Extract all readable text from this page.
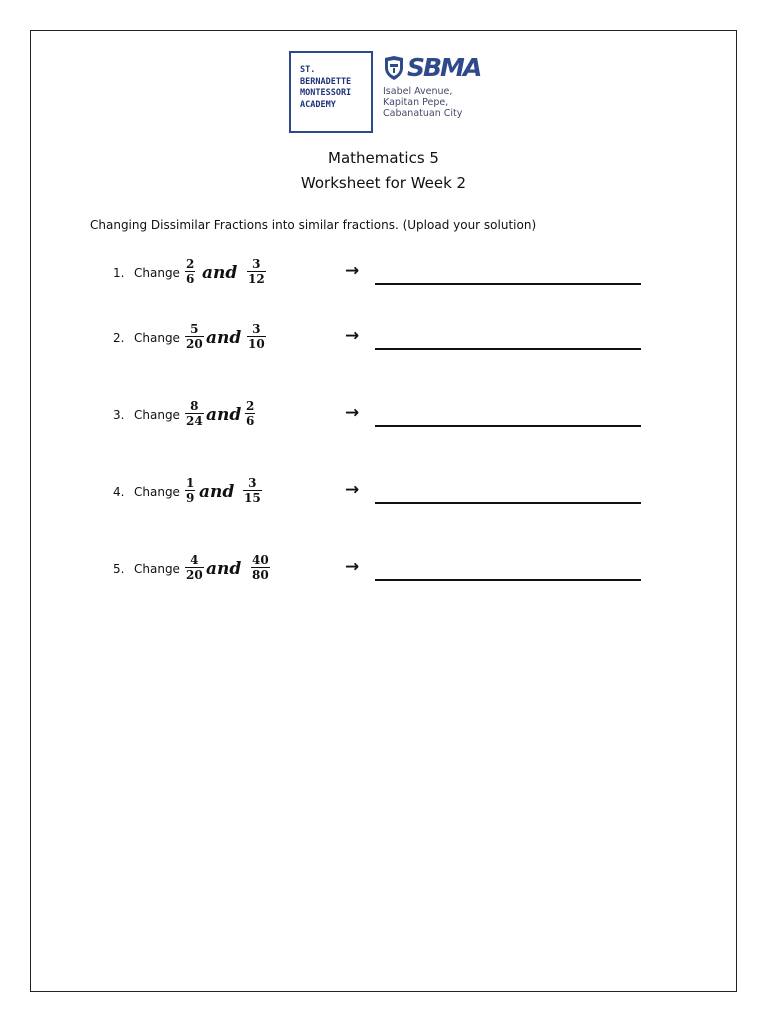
ST.
BERNADETTE
MONTESSORI
ACADEMY
SBMA
Isabel Avenue,
Kapitan Pepe,
Cabanatuan City
Mathematics 5
Worksheet for Week 2
Changing Dissimilar Fractions into similar fractions. (Upload your solution)
1. Change $\frac{2}{6}$ and $\frac{3}{12}$	→
2. Change $\frac{5}{20}$ and $\frac{3}{10}$	→
3. Change $\frac{8}{24}$ and $\frac{2}{6}$	→
4. Change $\frac{1}{9}$ and $\frac{3}{15}$	→
5. Change $\frac{4}{20}$ and $\frac{40}{80}$	→
